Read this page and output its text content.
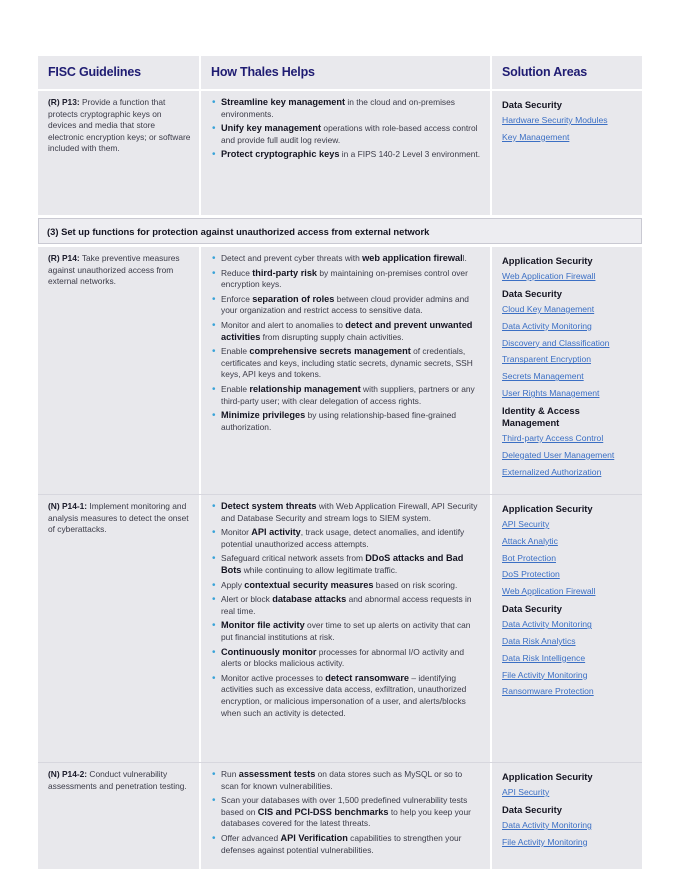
FISC Guidelines	How Thales Helps	Solution Areas
(R) P13: Provide a function that protects cryptographic keys on devices and media that store electronic encryption keys; or software included with them.
• Streamline key management in the cloud and on-premises environments.
• Unify key management operations with role-based access control and provide full audit log review.
• Protect cryptographic keys in a FIPS 140-2 Level 3 environment.
Data Security
Hardware Security Modules
Key Management
(3) Set up functions for protection against unauthorized access from external network
(R) P14: Take preventive measures against unauthorized access from external networks.
• Detect and prevent cyber threats with web application firewall.
• Reduce third-party risk by maintaining on-premises control over encryption keys.
• Enforce separation of roles between cloud provider admins and your organization and restrict access to sensitive data.
• Monitor and alert to anomalies to detect and prevent unwanted activities from disrupting supply chain activities.
• Enable comprehensive secrets management of credentials, certificates and keys, including static secrets, dynamic secrets, SSH keys, API keys and tokens.
• Enable relationship management with suppliers, partners or any third-party user; with clear delegation of access rights.
• Minimize privileges by using relationship-based fine-grained authorization.
Application Security
Web Application Firewall
Data Security
Cloud Key Management
Data Activity Monitoring
Discovery and Classification
Transparent Encryption
Secrets Management
User Rights Management
Identity & Access Management
Third-party Access Control
Delegated User Management
Externalized Authorization
(N) P14-1: Implement monitoring and analysis measures to detect the onset of cyberattacks.
• Detect system threats with Web Application Firewall, API Security and Database Security and stream logs to SIEM system.
• Monitor API activity, track usage, detect anomalies, and identify potential unauthorized access attempts.
• Safeguard critical network assets from DDoS attacks and Bad Bots while continuing to allow legitimate traffic.
• Apply contextual security measures based on risk scoring.
• Alert or block database attacks and abnormal access requests in real time.
• Monitor file activity over time to set up alerts on activity that can put financial institutions at risk.
• Continuously monitor processes for abnormal I/O activity and alerts or blocks malicious activity.
• Monitor active processes to detect ransomware – identifying activities such as excessive data access, exfiltration, unauthorized encryption, or malicious impersonation of a user, and alerts/blocks when such an activity is detected.
Application Security
API Security
Attack Analytic
Bot Protection
DoS Protection
Web Application Firewall
Data Security
Data Activity Monitoring
Data Risk Analytics
Data Risk Intelligence
File Activity Monitoring
Ransomware Protection
(N) P14-2: Conduct vulnerability assessments and penetration testing.
• Run assessment tests on data stores such as MySQL or so to scan for known vulnerabilities.
• Scan your databases with over 1,500 predefined vulnerability tests based on CIS and PCI-DSS benchmarks to help you keep your databases covered for the latest threats.
• Offer advanced API Verification capabilities to strengthen your defenses against potential vulnerabilities.
Application Security
API Security
Data Security
Data Activity Monitoring
File Activity Monitoring
